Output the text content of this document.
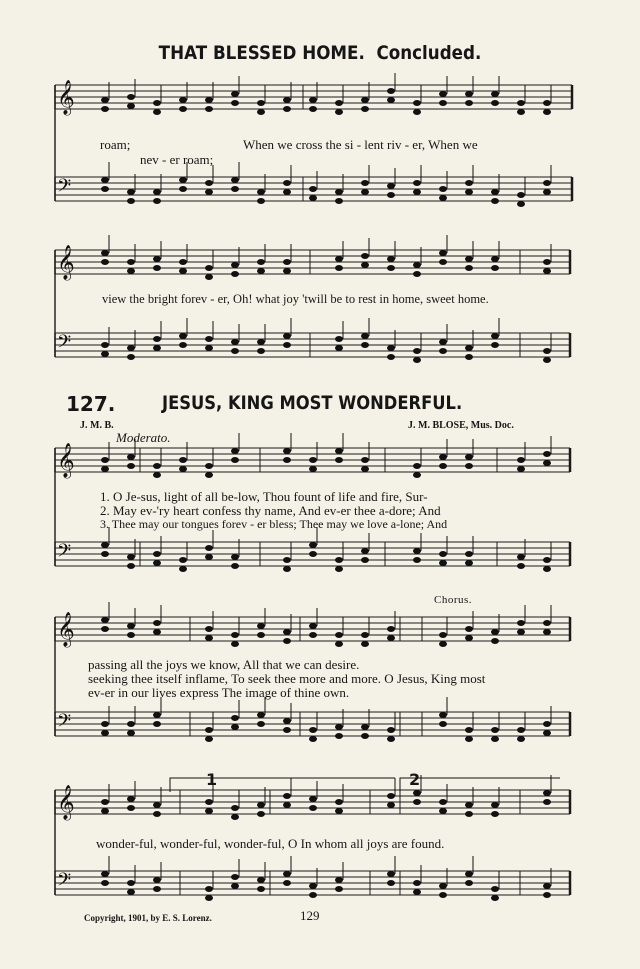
THAT BLESSED HOME. Concluded.
roam;	When we cross the si - lent riv - er, When we
nev - er roam;
view the bright forev - er, Oh! what joy 'twill be to rest in home, sweet home.
127. JESUS, KING MOST WONDERFUL.
J. M. B.	J. M. BLOSE, Mus. Doc.
Moderato.
1. O Je-sus, light of all be-low, Thou fount of life and fire, Sur-
2. May ev-'ry heart confess thy name, And ev-er thee a-dore; And
3. Thee may our tongues forev - er bless; Thee may we love a-lone; And
Chorus.
passing all the joys we know, All that we can desire.
seeking thee itself inflame, To seek thee more and more. O Jesus, King most
ev-er in our lives express The image of thine own.
wonder-ful, wonder-ful, wonder-ful, O In whom all joys are found.
1	2
Copyright, 1901, by E. S. Lorenz.	129
𝄞
𝄢
𝄞
𝄢
𝄞
𝄢
𝄞
𝄢
𝄞
𝄢
